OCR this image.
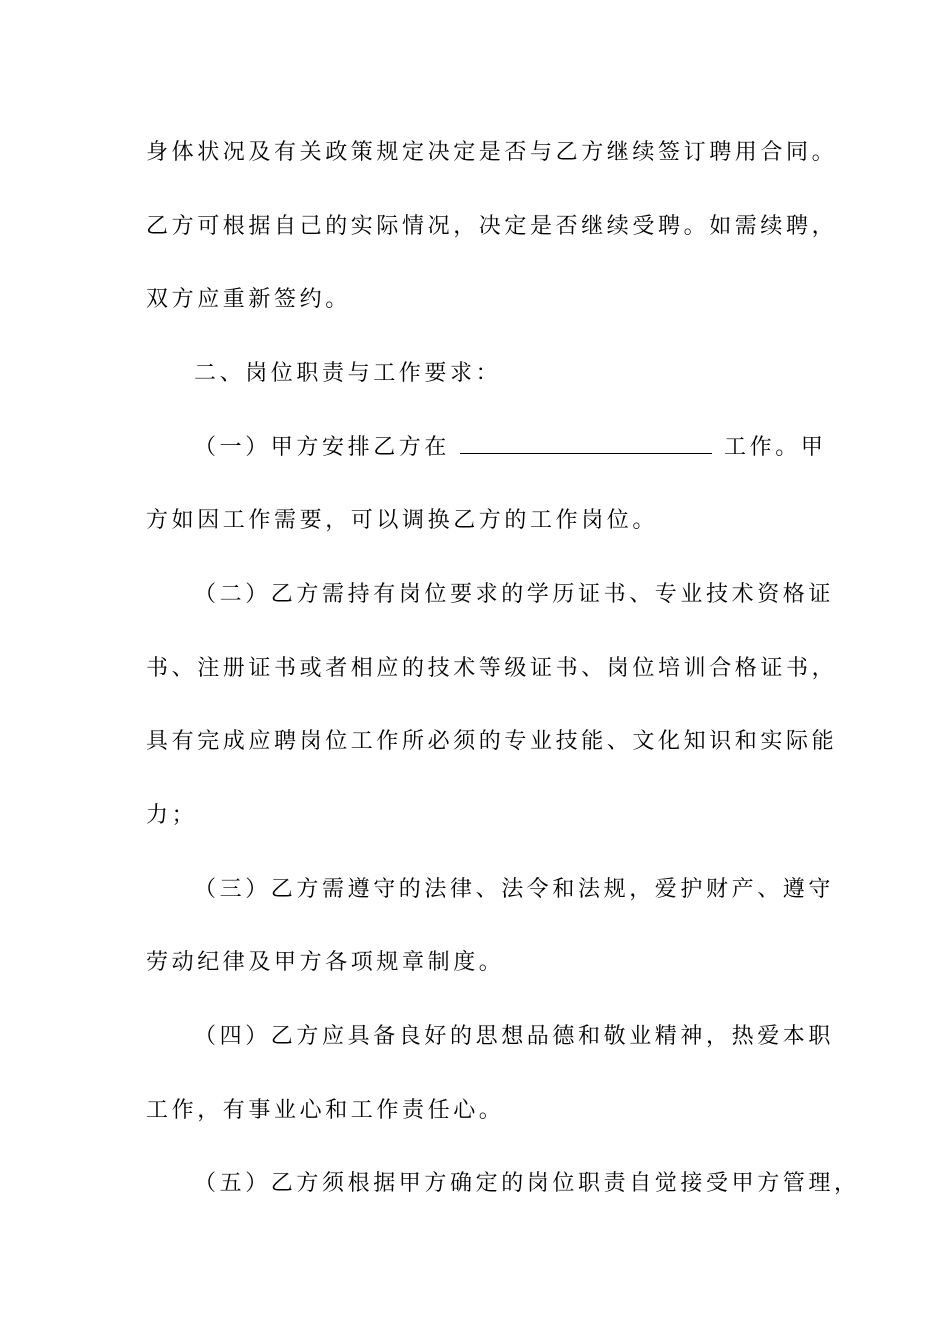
身体状况及有关政策规定决定是否与乙方继续签订聘用合同。
乙方可根据自己的实际情况，决定是否继续受聘。如需续聘，
双方应重新签约。
二、岗位职责与工作要求：
（一）甲方安排乙方在	工作。甲
方如因工作需要，可以调换乙方的工作岗位。
（二）乙方需持有岗位要求的学历证书、专业技术资格证
书、注册证书或者相应的技术等级证书、岗位培训合格证书，
具有完成应聘岗位工作所必须的专业技能、文化知识和实际能
力；
（三）乙方需遵守的法律、法令和法规，爱护财产、遵守
劳动纪律及甲方各项规章制度。
（四）乙方应具备良好的思想品德和敬业精神，热爱本职
工作，有事业心和工作责任心。
（五）乙方须根据甲方确定的岗位职责自觉接受甲方管理，
